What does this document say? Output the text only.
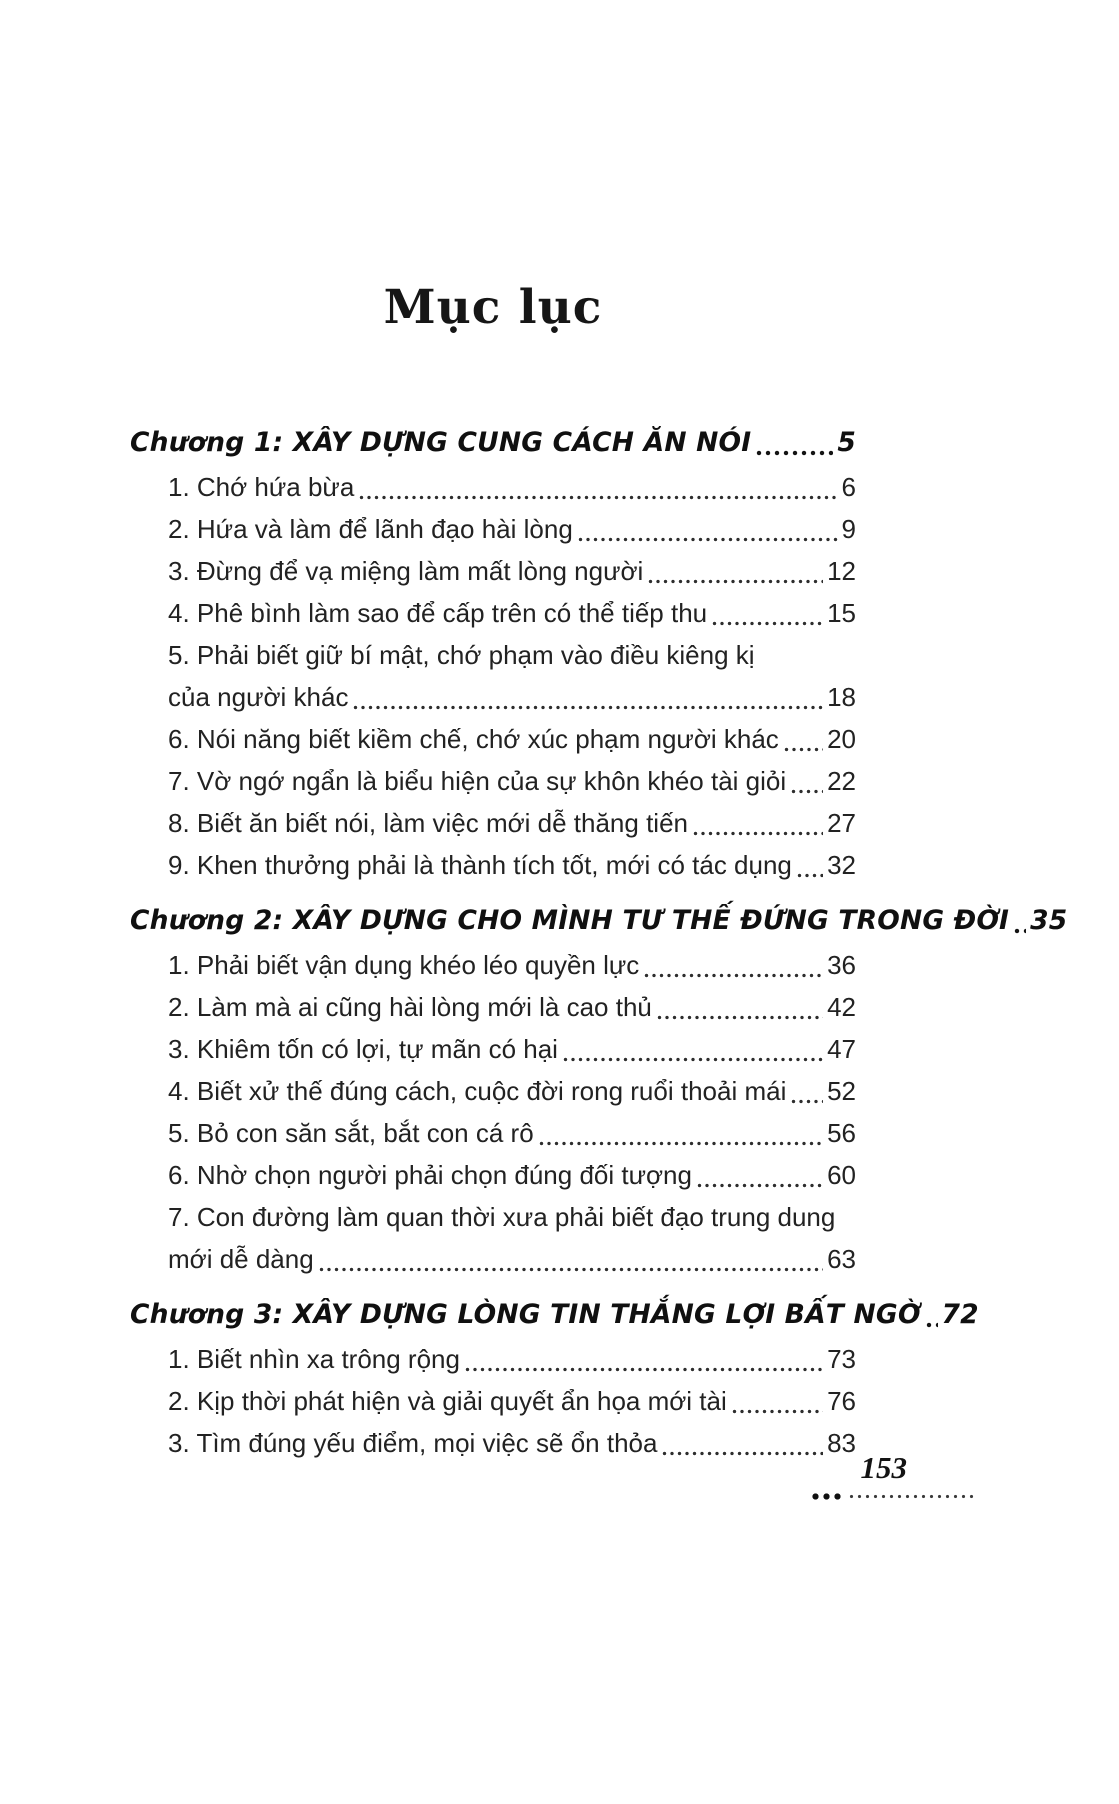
Mục lục
Chương 1: XÂY DỰNG CUNG CÁCH ĂN NÓI	5
1. Chớ hứa bừa	6
2. Hứa và làm để lãnh đạo hài lòng	9
3. Đừng để vạ miệng làm mất lòng người	12
4. Phê bình làm sao để cấp trên có thể tiếp thu	15
5. Phải biết giữ bí mật, chớ phạm vào điều kiêng kị
của người khác	18
6. Nói năng biết kiềm chế, chớ xúc phạm người khác 20
7. Vờ ngớ ngẩn là biểu hiện của sự khôn khéo tài giỏi 22
8. Biết ăn biết nói, làm việc mới dễ thăng tiến	27
9. Khen thưởng phải là thành tích tốt, mới có tác dụng 32
Chương 2: XÂY DỰNG CHO MÌNH TƯ THẾ ĐỨNG TRONG ĐỜI 35
1. Phải biết vận dụng khéo léo quyền lực	36
2. Làm mà ai cũng hài lòng mới là cao thủ	42
3. Khiêm tốn có lợi, tự mãn có hại	47
4. Biết xử thế đúng cách, cuộc đời rong ruổi thoải mái 52
5. Bỏ con săn sắt, bắt con cá rô	56
6. Nhờ chọn người phải chọn đúng đối tượng	60
7. Con đường làm quan thời xưa phải biết đạo trung dung
mới dễ dàng	63
Chương 3: XÂY DỰNG LÒNG TIN THẮNG LỢI BẤT NGỜ 72
1. Biết nhìn xa trông rộng	73
2. Kịp thời phát hiện và giải quyết ẩn họa mới tài	76
3. Tìm đúng yếu điểm, mọi việc sẽ ổn thỏa	83
153
